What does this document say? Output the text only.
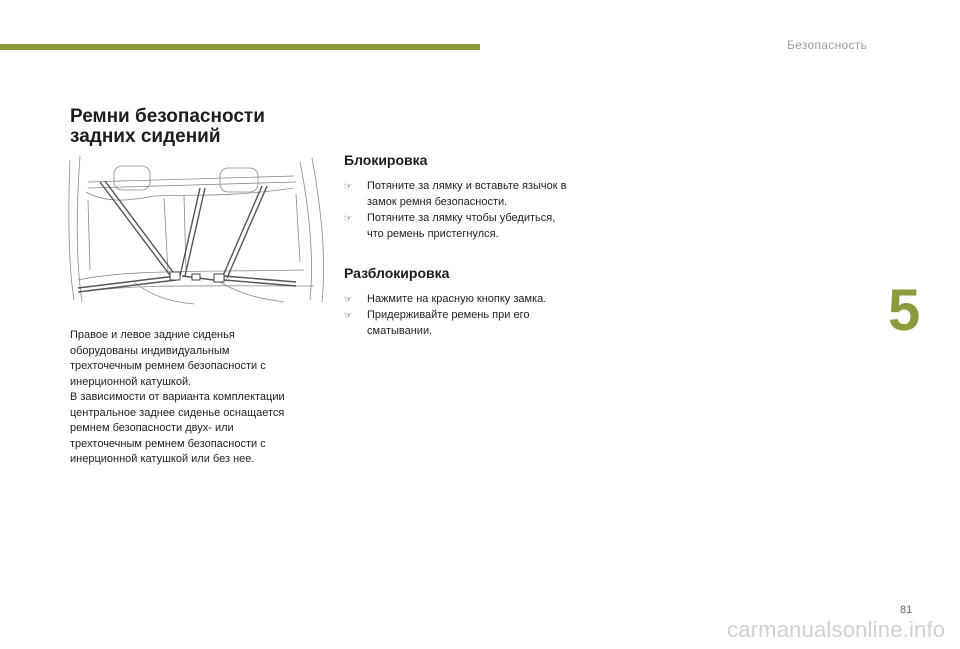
Безопасность
5
Ремни безопасности
задних сидений
Правое и левое задние сиденья
оборудованы индивидуальным
трехточечным ремнем безопасности с
инерционной катушкой.
В зависимости от варианта комплектации
центральное заднее сиденье оснащается
ремнем безопасности двух- или
трехточечным ремнем безопасности с
инерционной катушкой или без нее.
Блокировка
☞ Потяните за лямку и вставьте язычок в
замок ремня безопасности.
☞ Потяните за лямку чтобы убедиться,
что ремень пристегнулся.
Разблокировка
☞ Нажмите на красную кнопку замка.
☞ Придерживайте ремень при его
сматывании.
81
carmanualsonline.info
